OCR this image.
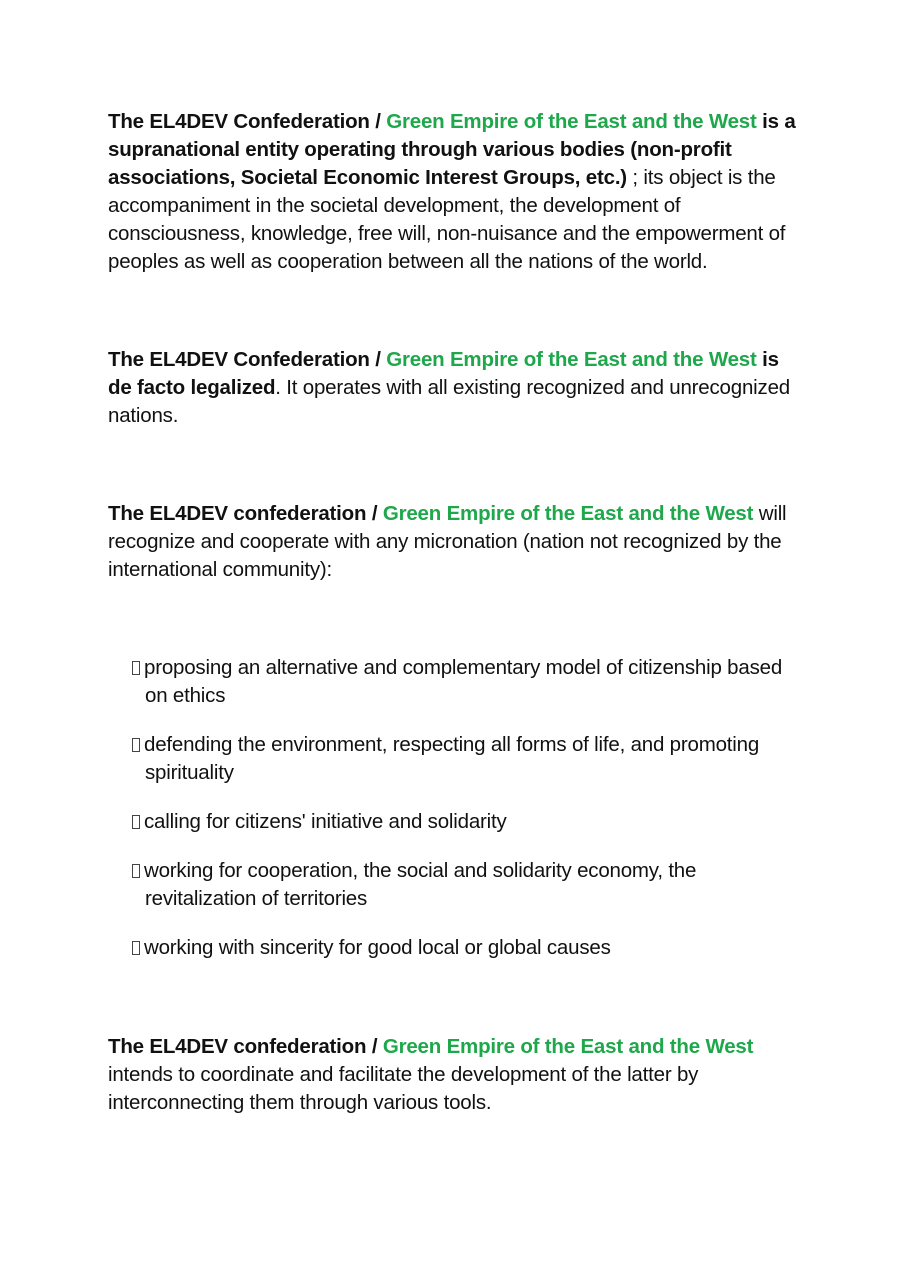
The EL4DEV Confederation / Green Empire of the East and the West is a supranational entity operating through various bodies (non-profit associations, Societal Economic Interest Groups, etc.) ; its object is the accompaniment in the societal development, the development of consciousness, knowledge, free will, non-nuisance and the empowerment of peoples as well as cooperation between all the nations of the world.

The EL4DEV Confederation / Green Empire of the East and the West is de facto legalized. It operates with all existing recognized and unrecognized nations.

The EL4DEV confederation / Green Empire of the East and the West will recognize and cooperate with any micronation (nation not recognized by the international community):

proposing an alternative and complementary model of citizenship based on ethics
defending the environment, respecting all forms of life, and promoting spirituality
calling for citizens' initiative and solidarity
working for cooperation, the social and solidarity economy, the revitalization of territories
working with sincerity for good local or global causes

The EL4DEV confederation / Green Empire of the East and the West
intends to coordinate and facilitate the development of the latter by interconnecting them through various tools.
